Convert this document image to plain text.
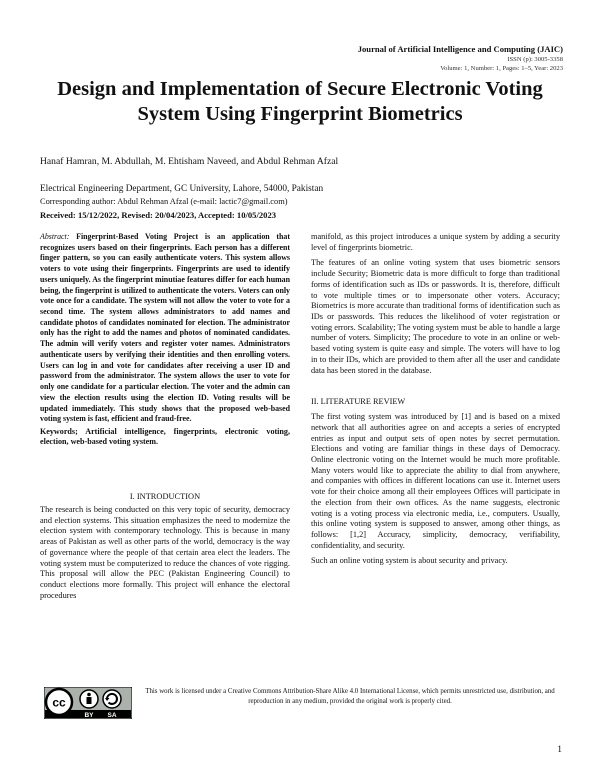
Journal of Artificial Intelligence and Computing (JAIC)
ISSN (p): 3005-3358
Volume: 1, Number: 1, Pages: 1–5, Year: 2023
Design and Implementation of Secure Electronic Voting System Using Fingerprint Biometrics
Hanaf Hamran, M. Abdullah, M. Ehtisham Naveed, and Abdul Rehman Afzal
Electrical Engineering Department, GC University, Lahore, 54000, Pakistan
Corresponding author: Abdul Rehman Afzal (e-mail: lactic7@gmail.com)
Received: 15/12/2022, Revised: 20/04/2023, Accepted: 10/05/2023

Abstract: Fingerprint-Based Voting Project is an application that recognizes users based on their fingerprints. Each person has a different finger pattern, so you can easily authenticate voters. This system allows voters to vote using their fingerprints. Fingerprints are used to identify users uniquely. As the fingerprint minutiae features differ for each human being, the fingerprint is utilized to authenticate the voters. Voters can only vote once for a candidate. The system will not allow the voter to vote for a second time. The system allows administrators to add names and candidate photos of candidates nominated for election. The administrator only has the right to add the names and photos of nominated candidates. The admin will verify voters and register voter names. Administrators authenticate users by verifying their identities and then enrolling voters. Users can log in and vote for candidates after receiving a user ID and password from the administrator. The system allows the user to vote for only one candidate for a particular election. The voter and the admin can view the election results using the election ID. Voting results will be updated immediately. This study shows that the proposed web-based voting system is fast, efficient and fraud-free.

Keywords; Artificial intelligence, fingerprints, electronic voting, election, web-based voting system.

I. INTRODUCTION

The research is being conducted on this very topic of security, democracy and election systems. This situation emphasizes the need to modernize the election system with contemporary technology. This is because in many areas of Pakistan as well as other parts of the world, democracy is the way of governance where the people of that certain area elect the leaders. The voting system must be computerized to reduce the chances of vote rigging. This proposal will allow the PEC (Pakistan Engineering Council) to conduct elections more formally. This project will enhance the electoral procedures

manifold, as this project introduces a unique system by adding a security level of fingerprints biometric.

The features of an online voting system that uses biometric sensors include Security; Biometric data is more difficult to forge than traditional forms of identification such as IDs or passwords. It is, therefore, difficult to vote multiple times or to impersonate other voters. Accuracy; Biometrics is more accurate than traditional forms of identification such as IDs or passwords. This reduces the likelihood of voter registration or voting errors. Scalability; The voting system must be able to handle a large number of voters. Simplicity; The procedure to vote in an online or web-based voting system is quite easy and simple. The voters will have to log in to their IDs, which are provided to them after all the user and candidate data has been stored in the database.

II. LITERATURE REVIEW

The first voting system was introduced by [1] and is based on a mixed network that all authorities agree on and accepts a series of encrypted entries as input and output sets of open notes by secret permutation. Elections and voting are familiar things in these days of Democracy. Online electronic voting on the Internet would be much more profitable. Many voters would like to appreciate the ability to dial from anywhere, and companies with offices in different locations can use it. Internet users vote for their choice among all their employees Offices will participate in the election from their own offices. As the name suggests, electronic voting is a voting process via electronic media, i.e., computers. Usually, this online voting system is supposed to answer, among other things, as follows: [1,2] Accuracy, simplicity, democracy, verifiability, confidentiality, and security.

Such an online voting system is about security and privacy.

cc
BY SA
This work is licensed under a Creative Commons Attribution-Share Alike 4.0 International License, which permits unrestricted use, distribution, and reproduction in any medium, provided the original work is properly cited.
1
